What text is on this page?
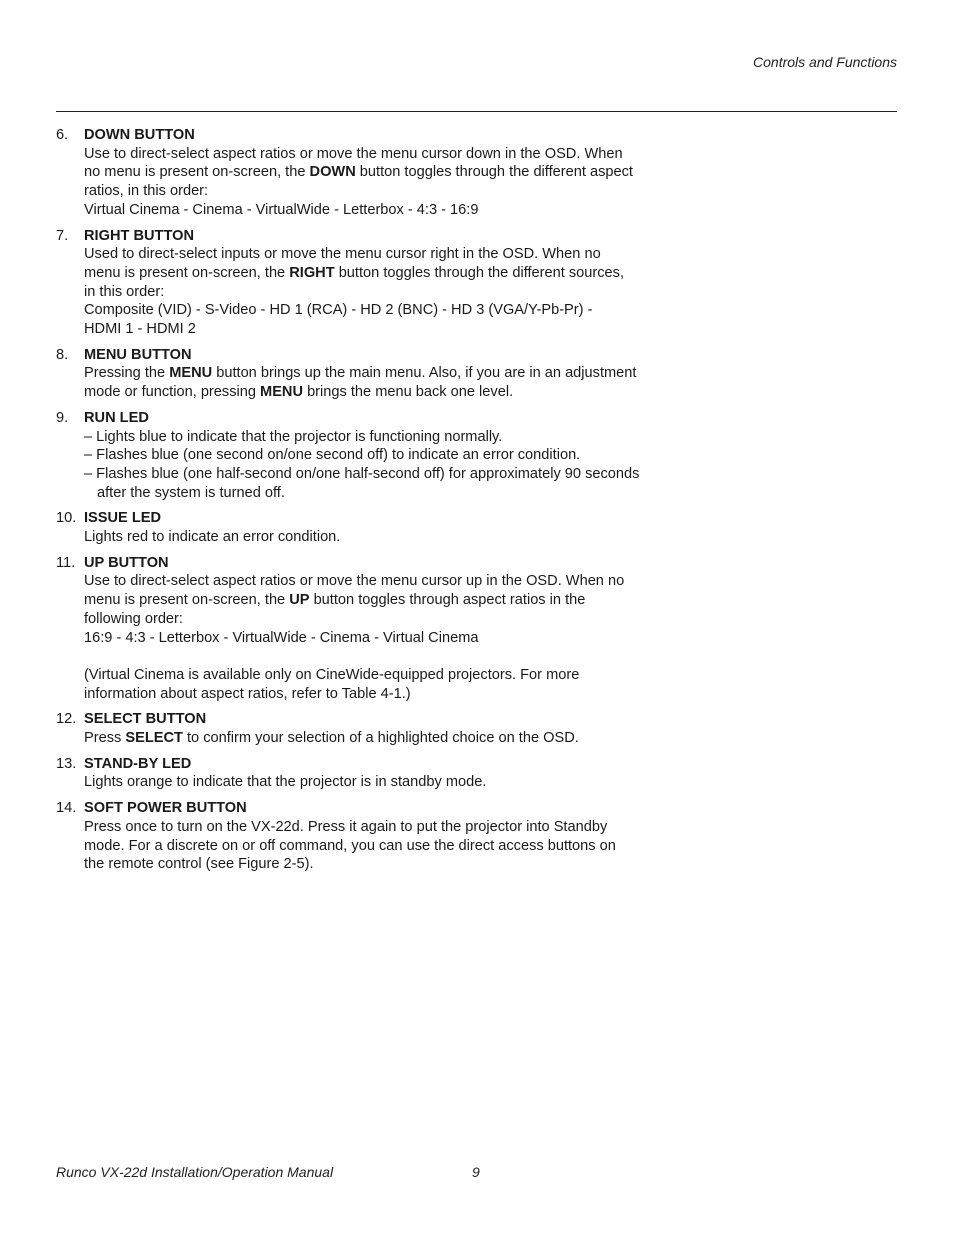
Controls and Functions
6. DOWN BUTTON
Use to direct-select aspect ratios or move the menu cursor down in the OSD. When
no menu is present on-screen, the DOWN button toggles through the different aspect
ratios, in this order:
Virtual Cinema - Cinema - VirtualWide - Letterbox - 4:3 - 16:9
7. RIGHT BUTTON
Used to direct-select inputs or move the menu cursor right in the OSD. When no
menu is present on-screen, the RIGHT button toggles through the different sources,
in this order:
Composite (VID) - S-Video - HD 1 (RCA) - HD 2 (BNC) - HD 3 (VGA/Y-Pb-Pr) -
HDMI 1 - HDMI 2
8. MENU BUTTON
Pressing the MENU button brings up the main menu. Also, if you are in an adjustment
mode or function, pressing MENU brings the menu back one level.
9. RUN LED
– Lights blue to indicate that the projector is functioning normally.
– Flashes blue (one second on/one second off) to indicate an error condition.
– Flashes blue (one half-second on/one half-second off) for approximately 90 seconds after the system is turned off.
10. ISSUE LED
Lights red to indicate an error condition.
11. UP BUTTON
Use to direct-select aspect ratios or move the menu cursor up in the OSD. When no
menu is present on-screen, the UP button toggles through aspect ratios in the
following order:
16:9 - 4:3 - Letterbox - VirtualWide - Cinema - Virtual Cinema
(Virtual Cinema is available only on CineWide-equipped projectors. For more
information about aspect ratios, refer to Table 4-1.)
12. SELECT BUTTON
Press SELECT to confirm your selection of a highlighted choice on the OSD.
13. STAND-BY LED
Lights orange to indicate that the projector is in standby mode.
14. SOFT POWER BUTTON
Press once to turn on the VX-22d. Press it again to put the projector into Standby
mode. For a discrete on or off command, you can use the direct access buttons on
the remote control (see Figure 2-5).
Runco VX-22d Installation/Operation Manual	9
